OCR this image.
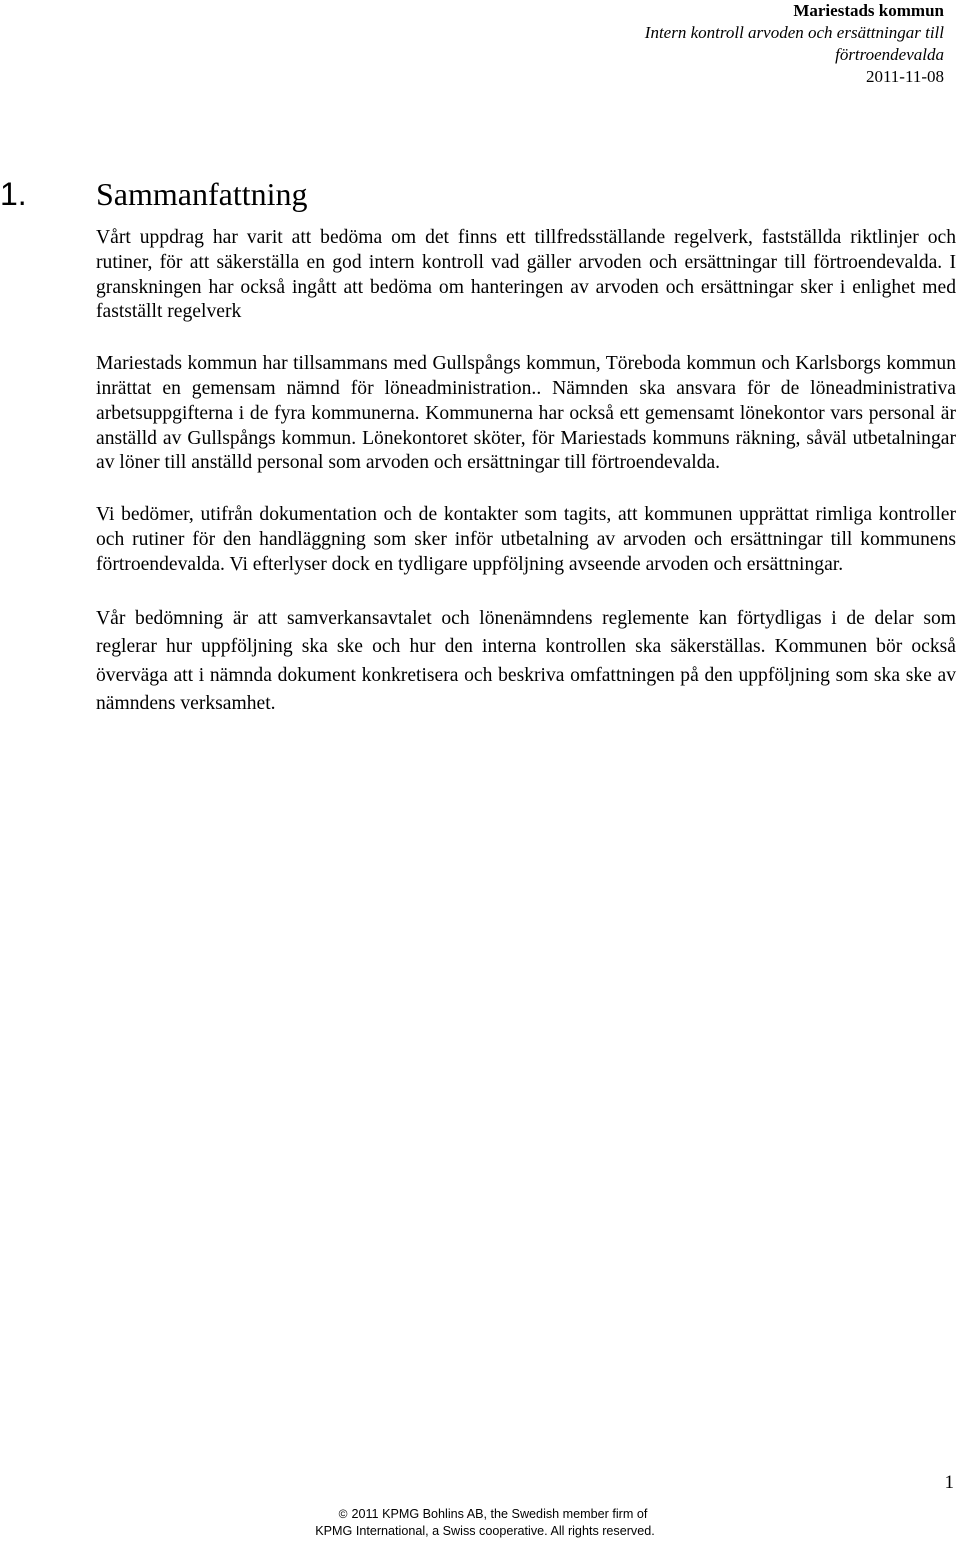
Mariestads kommun
Intern kontroll arvoden och ersättningar till
förtroendevalda
2011-11-08
1. Sammanfattning

Vårt uppdrag har varit att bedöma om det finns ett tillfredsställande regelverk, fastställda riktlinjer och rutiner, för att säkerställa en god intern kontroll vad gäller arvoden och ersättningar till förtroendevalda. I granskningen har också ingått att bedöma om hanteringen av arvoden och ersättningar sker i enlighet med fastställt regelverk

Mariestads kommun har tillsammans med Gullspångs kommun, Töreboda kommun och Karlsborgs kommun inrättat en gemensam nämnd för löneadministration.. Nämnden ska ansvara för de löneadministrativa arbetsuppgifterna i de fyra kommunerna. Kommunerna har också ett gemensamt lönekontor vars personal är anställd av Gullspångs kommun. Lönekontoret sköter, för Mariestads kommuns räkning, såväl utbetalningar av löner till anställd personal som arvoden och ersättningar till förtroendevalda.

Vi bedömer, utifrån dokumentation och de kontakter som tagits, att kommunen upprättat rimliga kontroller och rutiner för den handläggning som sker inför utbetalning av arvoden och ersättningar till kommunens förtroendevalda. Vi efterlyser dock en tydligare uppföljning avseende arvoden och ersättningar.

Vår bedömning är att samverkansavtalet och lönenämndens reglemente kan förtydligas i de delar som reglerar hur uppföljning ska ske och hur den interna kontrollen ska säkerställas. Kommunen bör också överväga att i nämnda dokument konkretisera och beskriva omfattningen på den uppföljning som ska ske av nämndens verksamhet.

1
© 2011 KPMG Bohlins AB, the Swedish member firm of
KPMG International, a Swiss cooperative. All rights reserved.
